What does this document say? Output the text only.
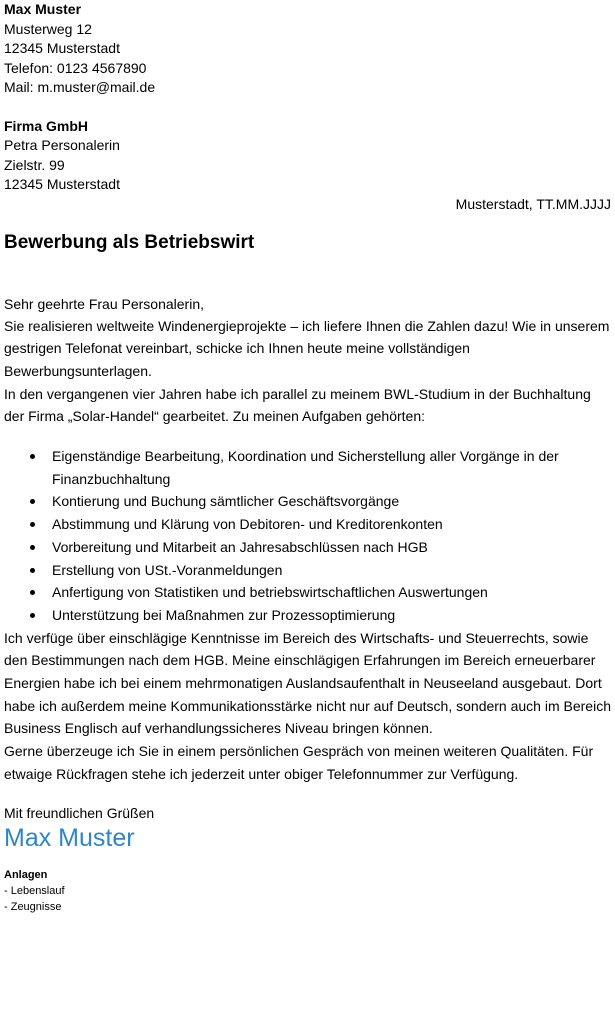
Max Muster
Musterweg 12
12345 Musterstadt
Telefon: 0123 4567890
Mail: m.muster@mail.de
Firma GmbH
Petra Personalerin
Zielstr. 99
12345 Musterstadt
Musterstadt, TT.MM.JJJJ
Bewerbung als Betriebswirt
Sehr geehrte Frau Personalerin,

Sie realisieren weltweite Windenergieprojekte – ich liefere Ihnen die Zahlen dazu! Wie in unserem gestrigen Telefonat vereinbart, schicke ich Ihnen heute meine vollständigen Bewerbungsunterlagen.

In den vergangenen vier Jahren habe ich parallel zu meinem BWL-Studium in der Buchhaltung der Firma „Solar-Handel“ gearbeitet. Zu meinen Aufgaben gehörten:

Eigenständige Bearbeitung, Koordination und Sicherstellung aller Vorgänge in der Finanzbuchhaltung
Kontierung und Buchung sämtlicher Geschäftsvorgänge
Abstimmung und Klärung von Debitoren- und Kreditorenkonten
Vorbereitung und Mitarbeit an Jahresabschlüssen nach HGB
Erstellung von USt.-Voranmeldungen
Anfertigung von Statistiken und betriebswirtschaftlichen Auswertungen
Unterstützung bei Maßnahmen zur Prozessoptimierung

Ich verfüge über einschlägige Kenntnisse im Bereich des Wirtschafts- und Steuerrechts, sowie den Bestimmungen nach dem HGB. Meine einschlägigen Erfahrungen im Bereich erneuerbarer Energien habe ich bei einem mehrmonatigen Auslandsaufenthalt in Neuseeland ausgebaut. Dort habe ich außerdem meine Kommunikationsstärke nicht nur auf Deutsch, sondern auch im Bereich Business Englisch auf verhandlungssicheres Niveau bringen können.

Gerne überzeuge ich Sie in einem persönlichen Gespräch von meinen weiteren Qualitäten. Für etwaige Rückfragen stehe ich jederzeit unter obiger Telefonnummer zur Verfügung.

Mit freundlichen Grüßen
Max Muster
Anlagen
- Lebenslauf
- Zeugnisse
